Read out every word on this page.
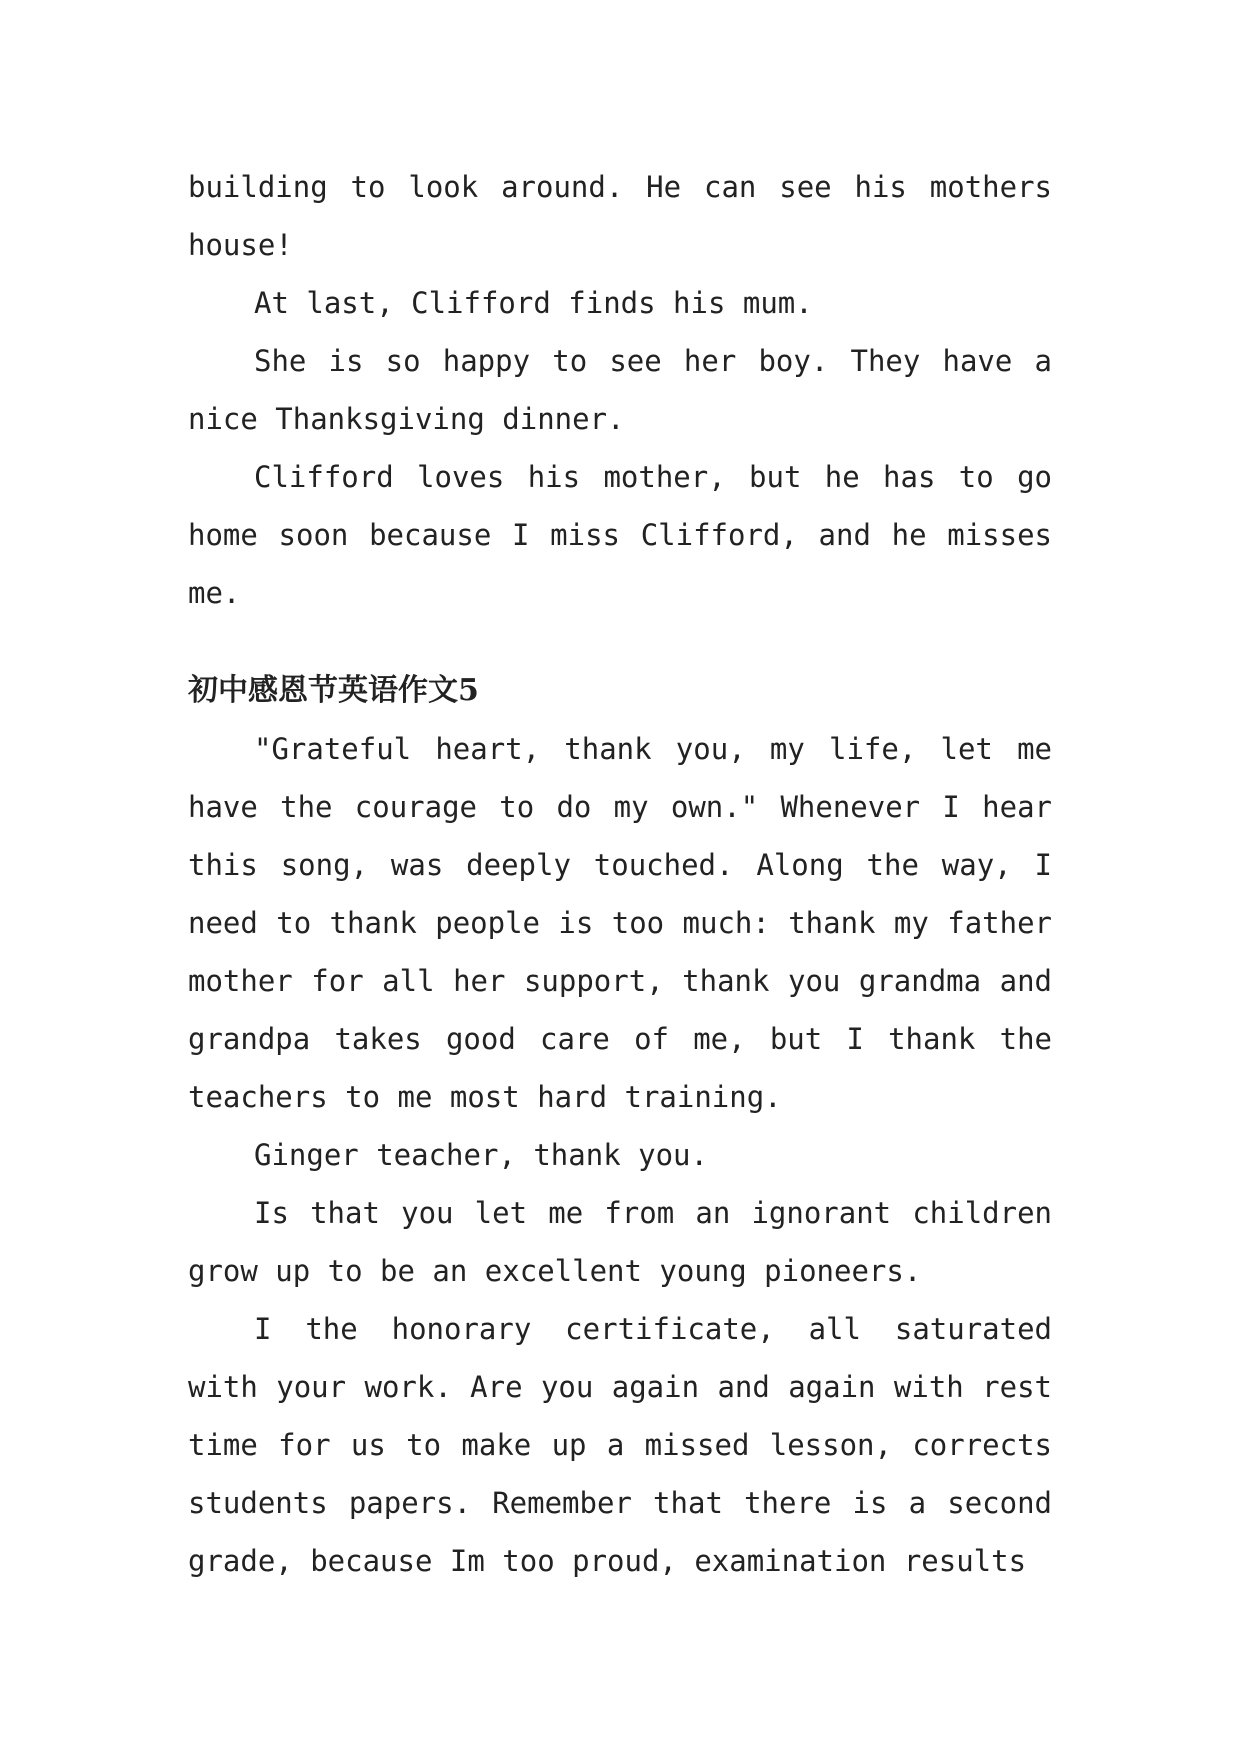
building to look around. He can see his mothers house!

At last, Clifford finds his mum.

She is so happy to see her boy. They have a nice Thanksgiving dinner.

Clifford loves his mother, but he has to go home soon because I miss Clifford, and he misses me.

初中感恩节英语作文5

"Grateful heart, thank you, my life, let me have the courage to do my own." Whenever I hear this song, was deeply touched. Along the way, I need to thank people is too much: thank my father mother for all her support, thank you grandma and grandpa takes good care of me, but I thank the teachers to me most hard training.

Ginger teacher, thank you.

Is that you let me from an ignorant children grow up to be an excellent young pioneers.

I the honorary certificate, all saturated with your work. Are you again and again with rest time for us to make up a missed lesson, corrects students papers. Remember that there is a second grade, because Im too proud, examination results
